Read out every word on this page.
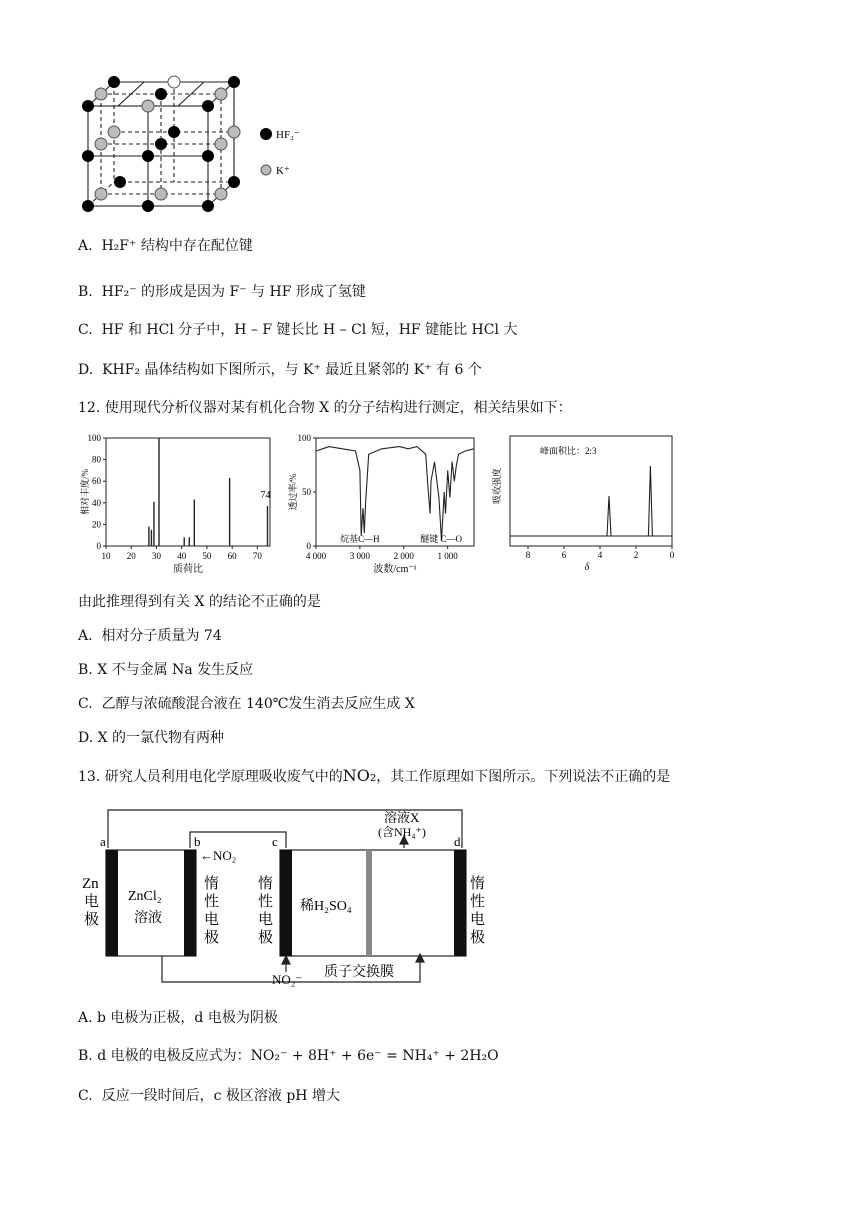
HF₂⁻
K⁺
A. H₂F⁺ 结构中存在配位键
B. HF₂⁻ 的形成是因为 F⁻ 与 HF 形成了氢键
C. HF 和 HCl 分子中，H – F 键长比 H – Cl 短，HF 键能比 HCl 大
D. KHF₂ 晶体结构如下图所示，与 K⁺ 最近且紧邻的 K⁺ 有 6 个
12. 使用现代分析仪器对某有机化合物 X 的分子结构进行测定，相关结果如下：
0
20
40
60
80
100
10 20 30 40 50 60 70
74
质荷比
相对丰度/%
0
50
100
4 000	3 000	2 000	1 000
烷基C—H	醚键 C—O
波数/cm⁻¹
透过率/%
8	6	4	2	0
峰面积比：2:3
δ
吸收强度
由此推理得到有关 X 的结论不正确的是
A. 相对分子质量为 74
B. X 不与金属 Na 发生反应
C. 乙醇与浓硫酸混合液在 140℃发生消去反应生成 X
D. X 的一氯代物有两种
13. 研究人员利用电化学原理吸收废气中的NO₂，其工作原理如下图所示。下列说法不正确的是
a	b	c	d
←NO₂
Zn
电
极
ZnCl₂
溶液
惰
性
电
极
惰
性
电
极
稀H₂SO₄
溶液X
(含NH₄⁺)
惰
性
电
极
NO₂⁻ 质子交换膜
A. b 电极为正极，d 电极为阴极
B. d 电极的电极反应式为：NO₂⁻ + 8H⁺ + 6e⁻ = NH₄⁺ + 2H₂O
C. 反应一段时间后，c 极区溶液 pH 增大
